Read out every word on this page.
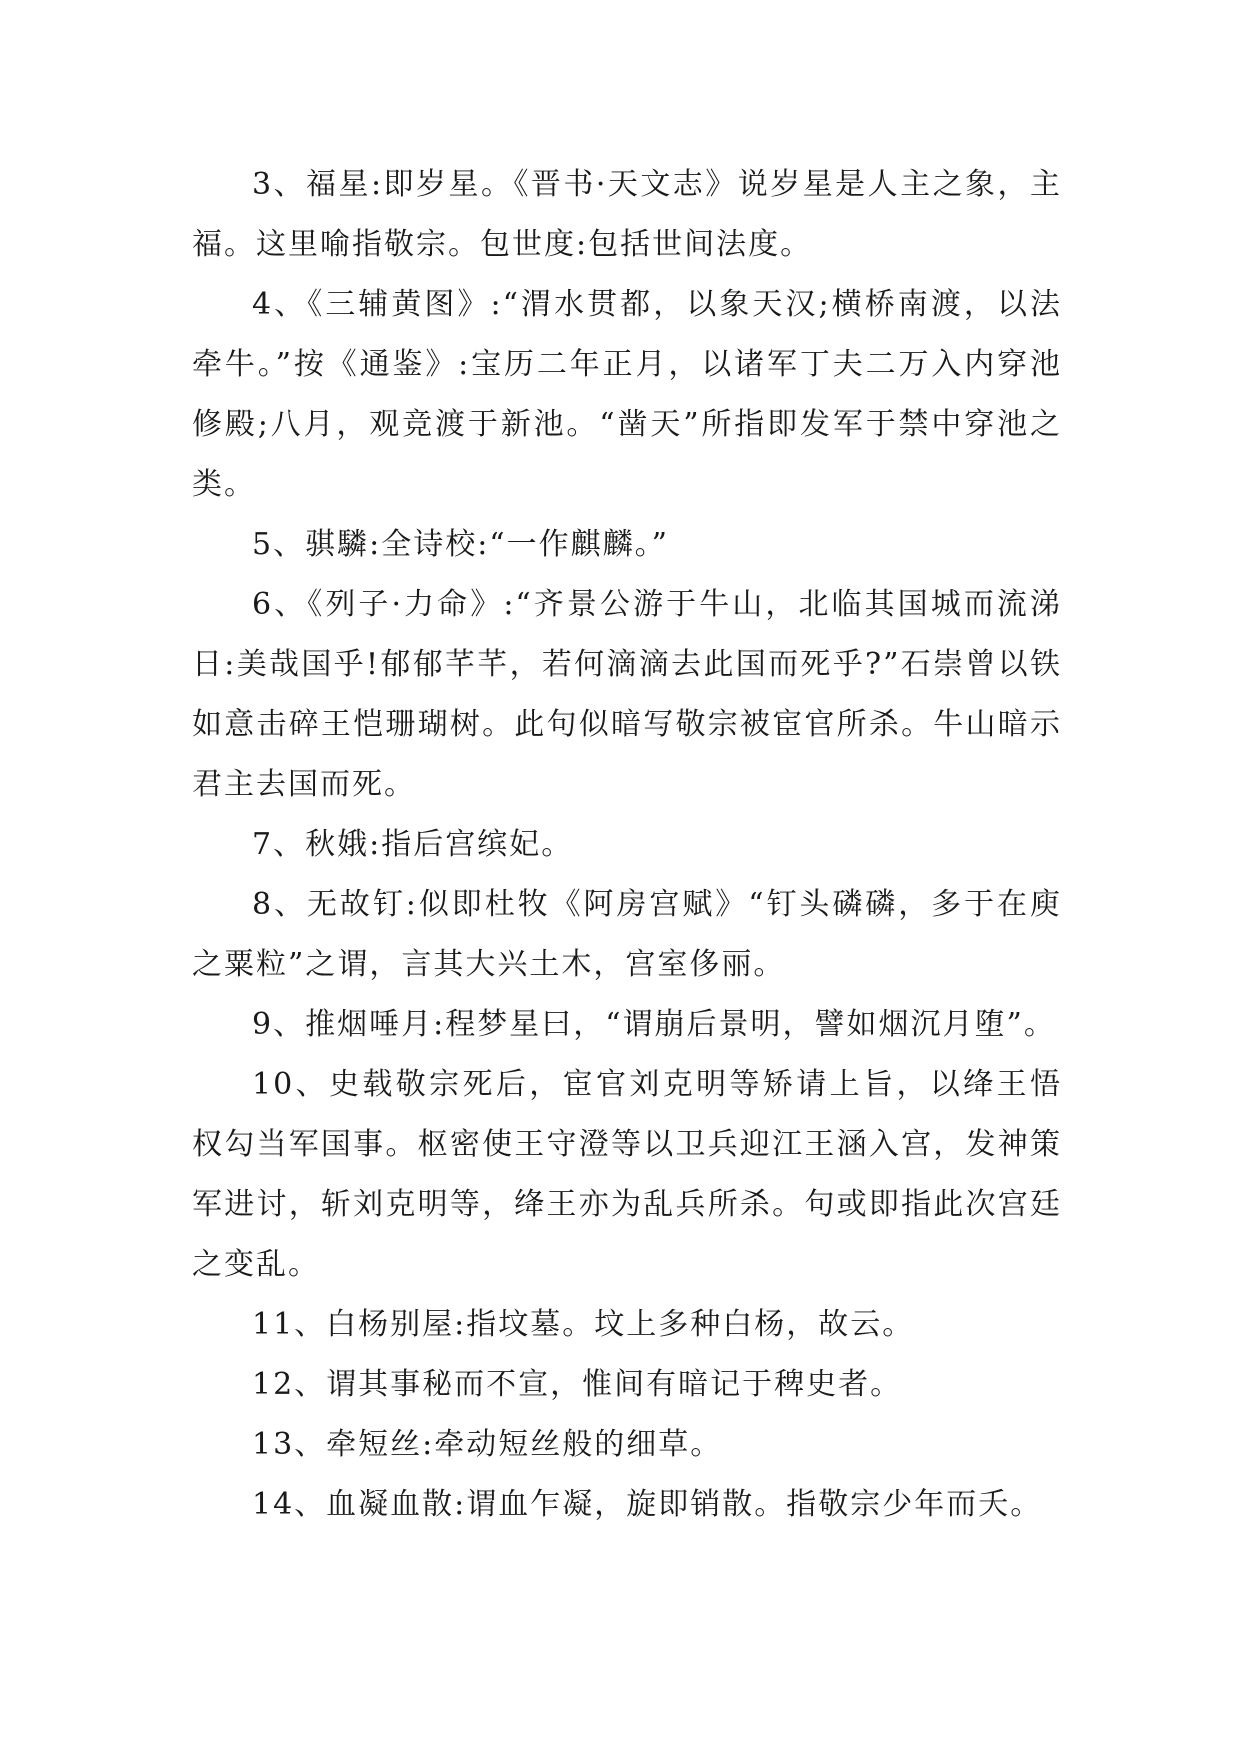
3、福星:即岁星。《晋书·天文志》说岁星是人主之象，主福。这里喻指敬宗。包世度:包括世间法度。

4、《三辅黄图》:“渭水贯都，以象天汉;横桥南渡，以法牵牛。”按《通鉴》:宝历二年正月，以诸军丁夫二万入内穿池修殿;八月，观竞渡于新池。“凿天”所指即发军于禁中穿池之类。

5、骐驎:全诗校:“一作麒麟。”

6、《列子·力命》:“齐景公游于牛山，北临其国城而流涕日:美哉国乎!郁郁芊芊，若何滴滴去此国而死乎?”石崇曾以铁如意击碎王恺珊瑚树。此句似暗写敬宗被宦官所杀。牛山暗示君主去国而死。

7、秋娥:指后宫缤妃。

8、无故钉:似即杜牧《阿房宫赋》“钉头磷磷，多于在庾之粟粒”之谓，言其大兴土木，宫室侈丽。

9、推烟唾月:程梦星曰，“谓崩后景明，譬如烟沉月堕”。

10、史载敬宗死后，宦官刘克明等矫请上旨，以绛王悟权勾当军国事。枢密使王守澄等以卫兵迎江王涵入宫，发神策军进讨，斩刘克明等，绛王亦为乱兵所杀。句或即指此次宫廷之变乱。

11、白杨别屋:指坟墓。坟上多种白杨，故云。

12、谓其事秘而不宣，惟间有暗记于稗史者。

13、牵短丝:牵动短丝般的细草。

14、血凝血散:谓血乍凝，旋即销散。指敬宗少年而夭。
